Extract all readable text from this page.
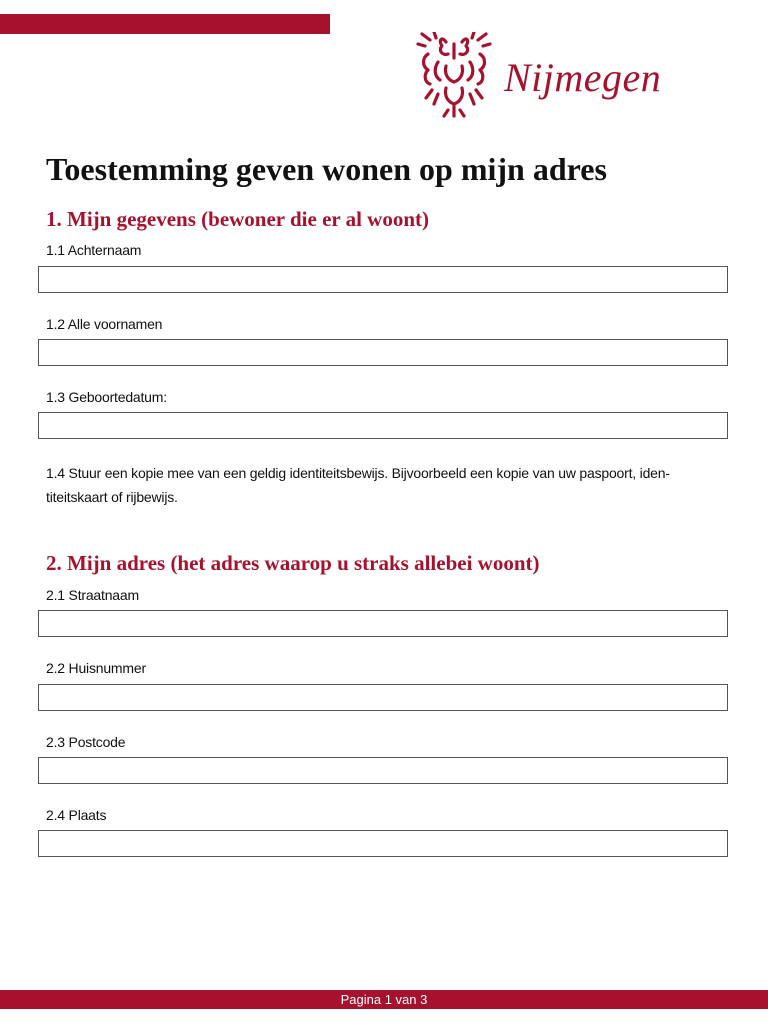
Nijmegen
Toestemming geven wonen op mijn adres
1. Mijn gegevens (bewoner die er al woont)
1.1 Achternaam
1.2 Alle voornamen
1.3 Geboortedatum:

1.4 Stuur een kopie mee van een geldig identiteitsbewijs. Bijvoorbeeld een kopie van uw paspoort, iden-titeitskaart of rijbewijs.

2. Mijn adres (het adres waarop u straks allebei woont)
2.1 Straatnaam
2.2 Huisnummer
2.3 Postcode
2.4 Plaats
Pagina 1 van 3
